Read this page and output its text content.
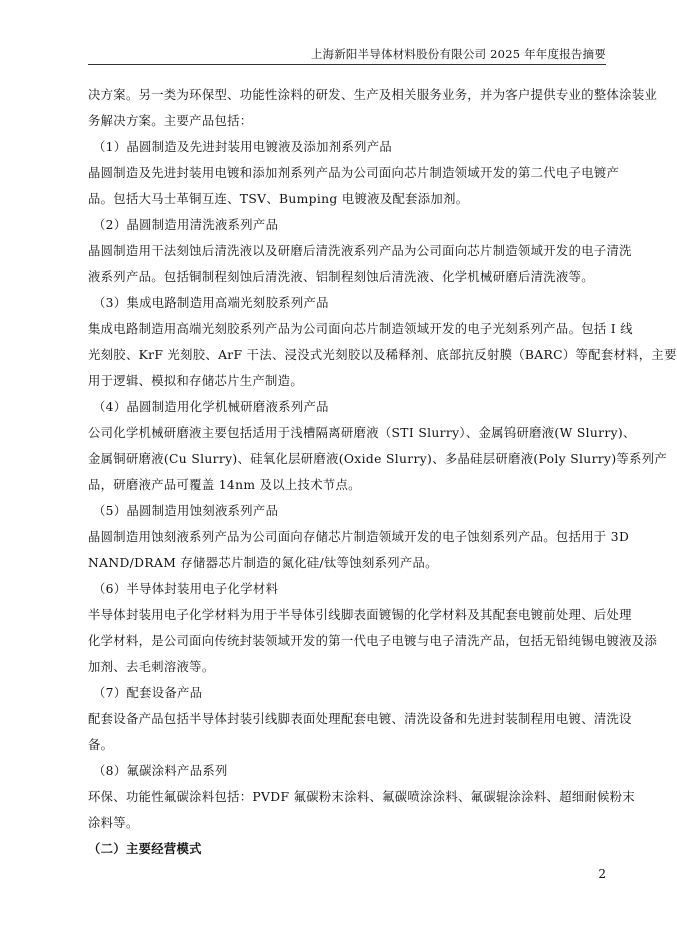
上海新阳半导体材料股份有限公司 2025 年年度报告摘要
决方案。另一类为环保型、功能性涂料的研发、生产及相关服务业务，并为客户提供专业的整体涂装业
务解决方案。主要产品包括：
（1）晶圆制造及先进封装用电镀液及添加剂系列产品
晶圆制造及先进封装用电镀和添加剂系列产品为公司面向芯片制造领域开发的第二代电子电镀产
品。包括大马士革铜互连、TSV、Bumping 电镀液及配套添加剂。
（2）晶圆制造用清洗液系列产品
晶圆制造用干法刻蚀后清洗液以及研磨后清洗液系列产品为公司面向芯片制造领域开发的电子清洗
液系列产品。包括铜制程刻蚀后清洗液、铝制程刻蚀后清洗液、化学机械研磨后清洗液等。
（3）集成电路制造用高端光刻胶系列产品
集成电路制造用高端光刻胶系列产品为公司面向芯片制造领域开发的电子光刻系列产品。包括 I 线
光刻胶、KrF 光刻胶、ArF 干法、浸没式光刻胶以及稀释剂、底部抗反射膜（BARC）等配套材料，主要
用于逻辑、模拟和存储芯片生产制造。
（4）晶圆制造用化学机械研磨液系列产品
公司化学机械研磨液主要包括适用于浅槽隔离研磨液（STI Slurry）、金属钨研磨液(W Slurry)、
金属铜研磨液(Cu Slurry)、硅氧化层研磨液(Oxide Slurry)、多晶硅层研磨液(Poly Slurry)等系列产
品，研磨液产品可覆盖 14nm 及以上技术节点。
（5）晶圆制造用蚀刻液系列产品
晶圆制造用蚀刻液系列产品为公司面向存储芯片制造领域开发的电子蚀刻系列产品。包括用于 3D
NAND/DRAM 存储器芯片制造的氮化硅/钛等蚀刻系列产品。
（6）半导体封装用电子化学材料
半导体封装用电子化学材料为用于半导体引线脚表面镀锡的化学材料及其配套电镀前处理、后处理
化学材料，是公司面向传统封装领域开发的第一代电子电镀与电子清洗产品，包括无铅纯锡电镀液及添
加剂、去毛刺溶液等。
（7）配套设备产品
配套设备产品包括半导体封装引线脚表面处理配套电镀、清洗设备和先进封装制程用电镀、清洗设
备。
（8）氟碳涂料产品系列
环保、功能性氟碳涂料包括：PVDF 氟碳粉末涂料、氟碳喷涂涂料、氟碳辊涂涂料、超细耐候粉末
涂料等。
（二）主要经营模式
2
